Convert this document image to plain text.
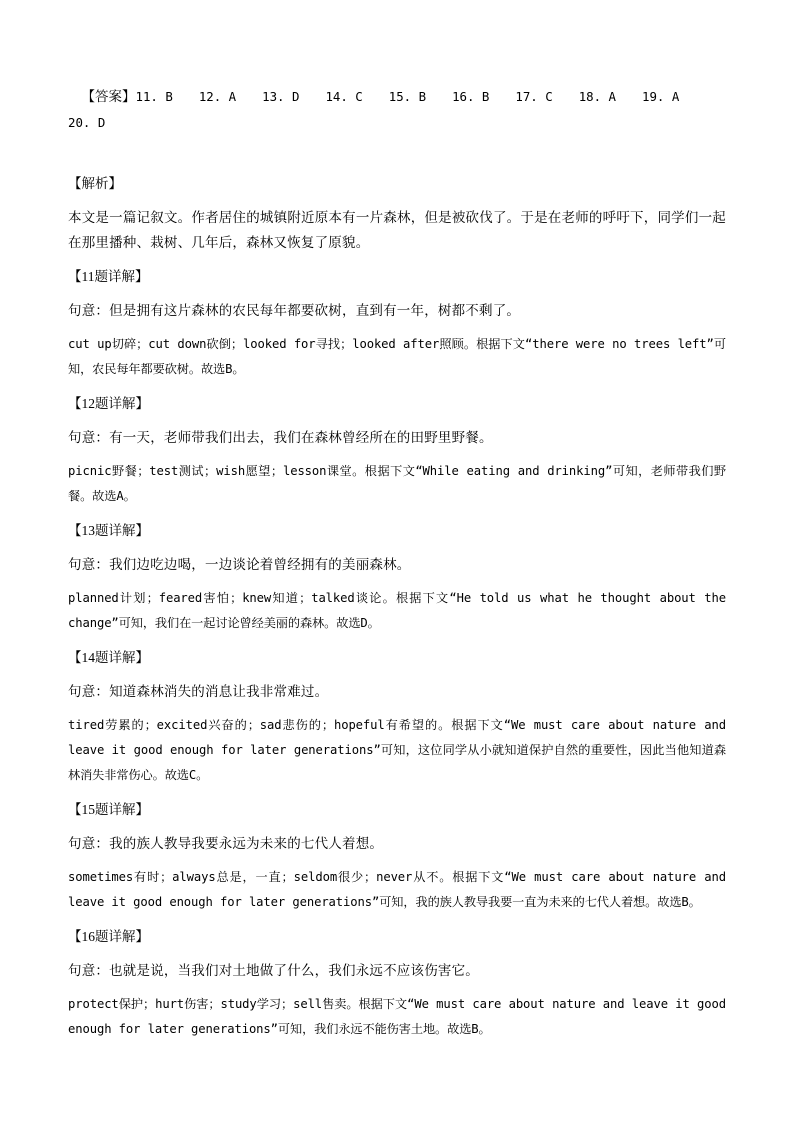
【答案】11. B 12. A 13. D 14. C 15. B 16. B 17. C 18. A 19. A20. D

【解析】
本文是一篇记叙文。作者居住的城镇附近原本有一片森林，但是被砍伐了。于是在老师的呼吁下，同学们一起在那里播种、栽树、几年后，森林又恢复了原貌。
【11题详解】
句意：但是拥有这片森林的农民每年都要砍树，直到有一年，树都不剩了。
cut up切碎；cut down砍倒；looked for寻找；looked after照顾。根据下文“there were no trees left”可知，农民每年都要砍树。故选B。
【12题详解】
句意：有一天，老师带我们出去，我们在森林曾经所在的田野里野餐。
picnic野餐；test测试；wish愿望；lesson课堂。根据下文“While eating and drinking”可知，老师带我们野餐。故选A。
【13题详解】
句意：我们边吃边喝，一边谈论着曾经拥有的美丽森林。
planned计划；feared害怕；knew知道；talked谈论。根据下文“He told us what he thought about the change”可知，我们在一起讨论曾经美丽的森林。故选D。
【14题详解】
句意：知道森林消失的消息让我非常难过。
tired劳累的；excited兴奋的；sad悲伤的；hopeful有希望的。根据下文“We must care about nature and leave it good enough for later generations”可知，这位同学从小就知道保护自然的重要性，因此当他知道森林消失非常伤心。故选C。
【15题详解】
句意：我的族人教导我要永远为未来的七代人着想。
sometimes有时；always总是，一直；seldom很少；never从不。根据下文“We must care about nature and leave it good enough for later generations”可知，我的族人教导我要一直为未来的七代人着想。故选B。
【16题详解】
句意：也就是说，当我们对土地做了什么，我们永远不应该伤害它。
protect保护；hurt伤害；study学习；sell售卖。根据下文“We must care about nature and leave it good enough for later generations”可知，我们永远不能伤害土地。故选B。
